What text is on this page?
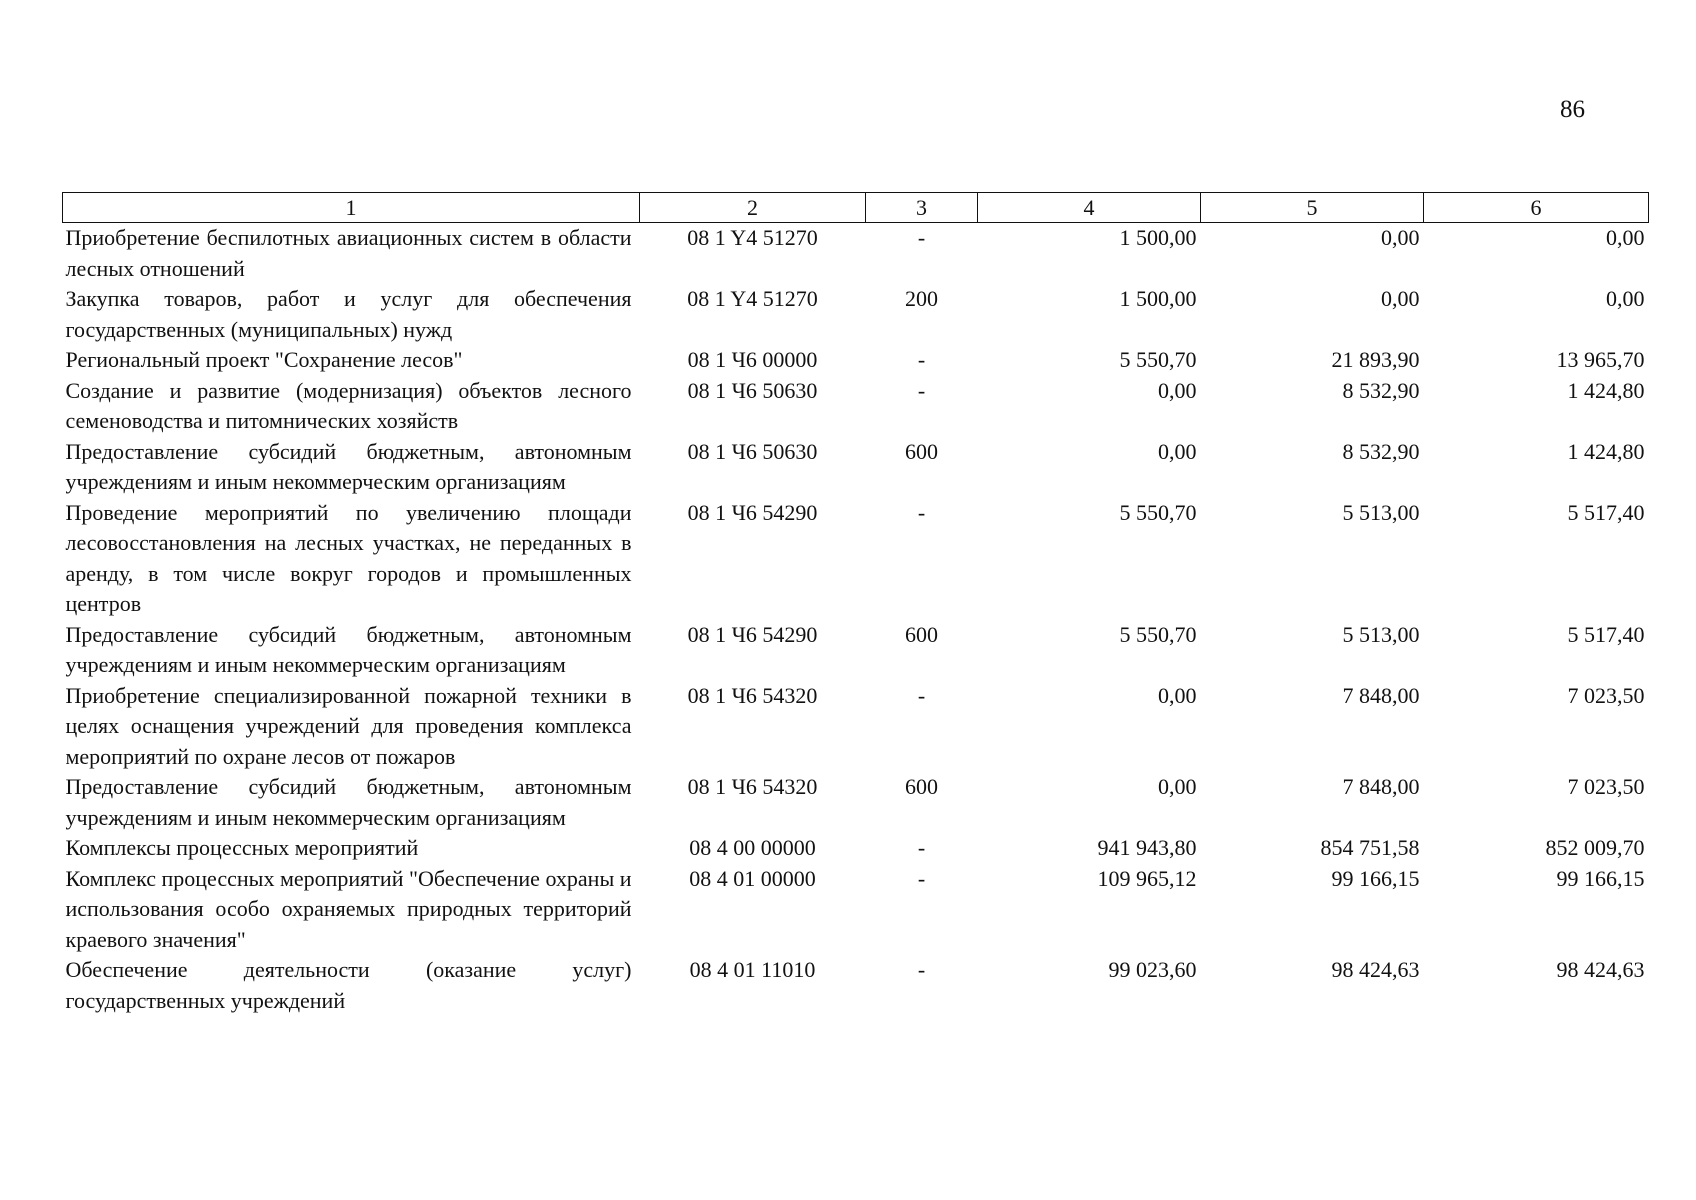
86
1	2	3	4	5	6
Приобретение беспилотных авиационных систем в области лесных отношений	08 1 Y4 51270	-	1 500,00	0,00	0,00
Закупка товаров, работ и услуг для обеспечения государственных (муниципальных) нужд	08 1 Y4 51270	200	1 500,00	0,00	0,00
Региональный проект "Сохранение лесов"	08 1 Ч6 00000	-	5 550,70	21 893,90	13 965,70
Создание и развитие (модернизация) объектов лесного семеноводства и питомнических хозяйств	08 1 Ч6 50630	-	0,00	8 532,90	1 424,80
Предоставление субсидий бюджетным, автономным учреждениям и иным некоммерческим организациям	08 1 Ч6 50630	600	0,00	8 532,90	1 424,80
Проведение мероприятий по увеличению площади лесовосстановления на лесных участках, не переданных в аренду, в том числе вокруг городов и промышленных центров	08 1 Ч6 54290	-	5 550,70	5 513,00	5 517,40
Предоставление субсидий бюджетным, автономным учреждениям и иным некоммерческим организациям	08 1 Ч6 54290	600	5 550,70	5 513,00	5 517,40
Приобретение специализированной пожарной техники в целях оснащения учреждений для проведения комплекса мероприятий по охране лесов от пожаров	08 1 Ч6 54320	-	0,00	7 848,00	7 023,50
Предоставление субсидий бюджетным, автономным учреждениям и иным некоммерческим организациям	08 1 Ч6 54320	600	0,00	7 848,00	7 023,50
Комплексы процессных мероприятий	08 4 00 00000	-	941 943,80	854 751,58	852 009,70
Комплекс процессных мероприятий "Обеспечение охраны и использования особо охраняемых природных территорий краевого значения"	08 4 01 00000	-	109 965,12	99 166,15	99 166,15
Обеспечение деятельности (оказание услуг) государственных учреждений	08 4 01 11010	-	99 023,60	98 424,63	98 424,63
